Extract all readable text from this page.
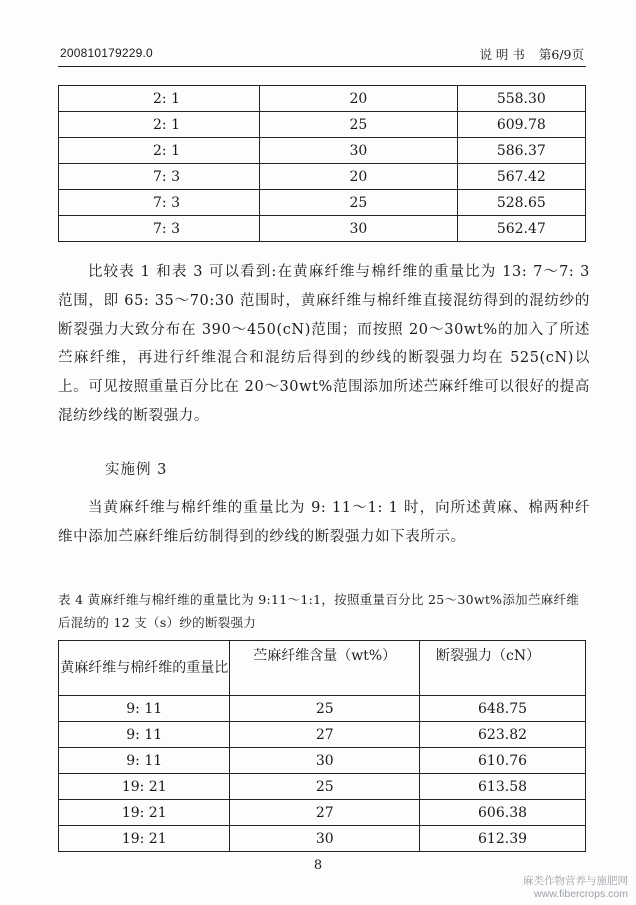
200810179229.0	说 明 书 第6/9页
2: 1	20	558.30
2: 1	25	609.78
2: 1	30	586.37
7: 3	20	567.42
7: 3	25	528.65
7: 3	30	562.47

比较表 1 和表 3 可以看到:在黄麻纤维与棉纤维的重量比为 13: 7～7: 3 范围，即 65: 35～70:30 范围时，黄麻纤维与棉纤维直接混纺得到的混纺纱的断裂强力大致分布在 390～450(cN)范围；而按照 20～30wt%的加入了所述苎麻纤维，再进行纤维混合和混纺后得到的纱线的断裂强力均在 525(cN)以上。可见按照重量百分比在 20～30wt%范围添加所述苎麻纤维可以很好的提高混纺纱线的断裂强力。

实施例 3

当黄麻纤维与棉纤维的重量比为 9: 11～1: 1 时，向所述黄麻、棉两种纤维中添加苎麻纤维后纺制得到的纱线的断裂强力如下表所示。

表 4 黄麻纤维与棉纤维的重量比为 9:11～1:1，按照重量百分比 25～30wt%添加苎麻纤维后混纺的 12 支（s）纱的断裂强力
黄麻纤维与棉纤维的重量比	苎麻纤维含量（wt%）	断裂强力（cN）
9: 11	25	648.75
9: 11	27	623.82
9: 11	30	610.76
19: 21	25	613.58
19: 21	27	606.38
19: 21	30	612.39
8
麻类作物营养与施肥网
www.fibercrops.com
